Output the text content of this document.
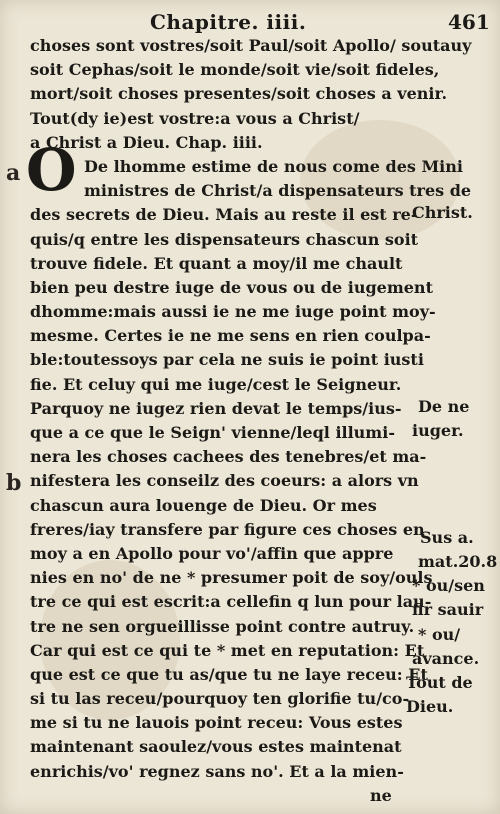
Chapitre. iiii.	461
a
b
O
choses sont vostres/soit Paul/soit Apollo/ soutauy
soit Cephas/soit le monde/soit vie/soit fideles,
mort/soit choses presentes/soit choses a venir.
Tout(dy ie)est vostre:a vous a Christ/
a Christ a Dieu. Chap. iiii.
De lhomme estime de nous come des Mini
ministres de Christ/a dispensateurs tres de
des secrets de Dieu. Mais au reste il est re-
quis/q entre les dispensateurs chascun soit
trouve fidele. Et quant a moy/il me chault
bien peu destre iuge de vous ou de iugement
dhomme:mais aussi ie ne me iuge point moy-
mesme. Certes ie ne me sens en rien coulpa-
ble:toutessoys par cela ne suis ie point iusti
fie. Et celuy qui me iuge/cest le Seigneur.
Parquoy ne iugez rien devat le temps/ius-
que a ce que le Seign' vienne/leql illumi-
nera les choses cachees des tenebres/et ma-
nifestera les conseilz des coeurs: a alors vn
chascun aura louenge de Dieu. Or mes
freres/iay transfere par figure ces choses en
moy a en Apollo pour vo'/affin que appre
nies en no' de ne * presumer poit de soy/ouls
tre ce qui est escrit:a cellefin q lun pour lau-
tre ne sen orgueillisse point contre autruy.
Car qui est ce qui te * met en reputation: Et
que est ce que tu as/que tu ne laye receu: Et
si tu las receu/pourquoy ten glorifie tu/co-
me si tu ne lauois point receu: Vous estes
maintenant saoulez/vous estes maintenat
enrichis/vo' regnez sans no'. Et a la mien-
ne
Christ.
De ne
iuger.
Sus a.
mat.20.8
* ou/sen
fir sauir
* ou/
avance.
Tout de
Dieu.
